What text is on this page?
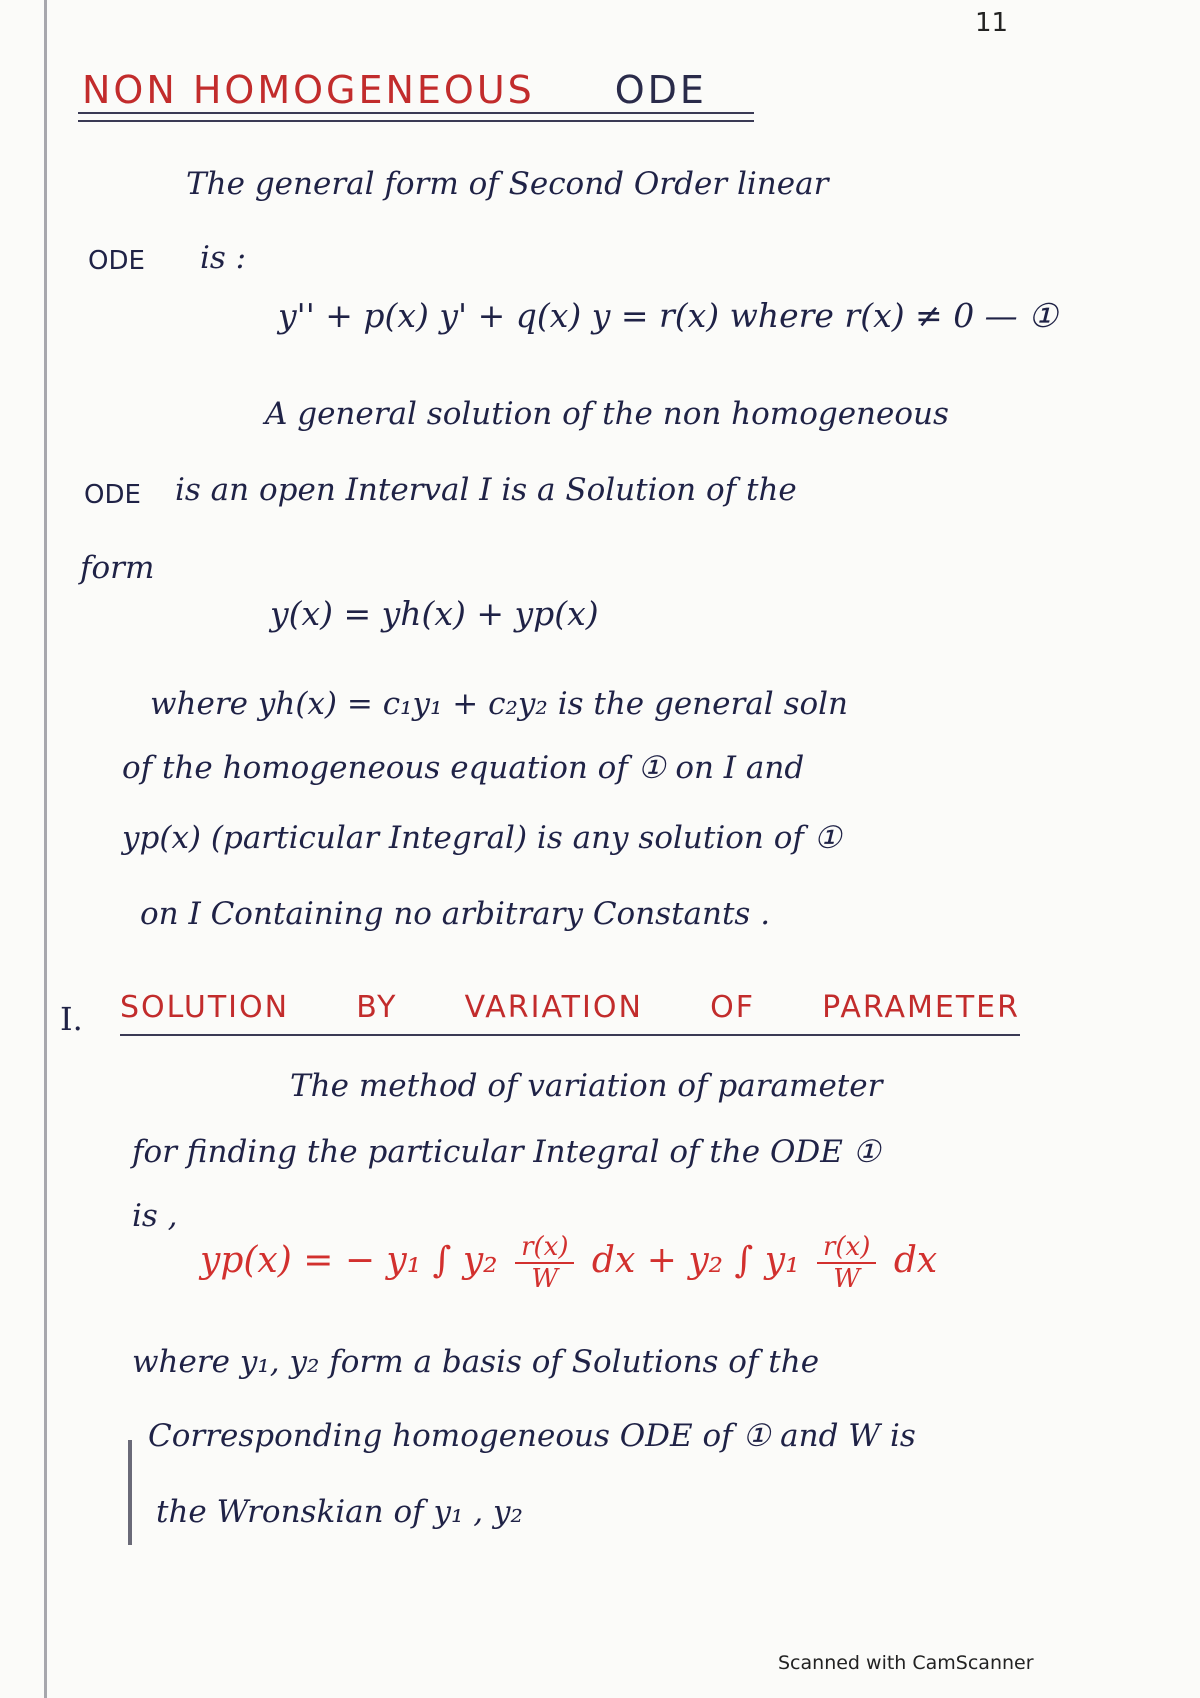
11
NON HOMOGENEOUS ODE
The general form of Second Order linear
ODE is :
y'' + p(x) y' + q(x) y = r(x) where r(x) ≠ 0 — ①
A general solution of the non homogeneous
ODE is an open Interval I is a Solution of the
form
y(x) = yh(x) + yp(x)
where yh(x) = c₁y₁ + c₂y₂ is the general soln
of the homogeneous equation of ① on I and
yp(x) (particular Integral) is any solution of ①
on I Containing no arbitrary Constants .
I. SOLUTION BY VARIATION OF PARAMETER
The method of variation of parameter
for finding the particular Integral of the ODE ①
is ,
yp(x) = − y₁ ∫ $y_2 \frac{r(x)}{W}$ dx + y₂ ∫ $y_1 \frac{r(x)}{W}$ dx
where y₁, y₂ form a basis of Solutions of the
Corresponding homogeneous ODE of ① and W is
the Wronskian of y₁ , y₂
Scanned with CamScanner
